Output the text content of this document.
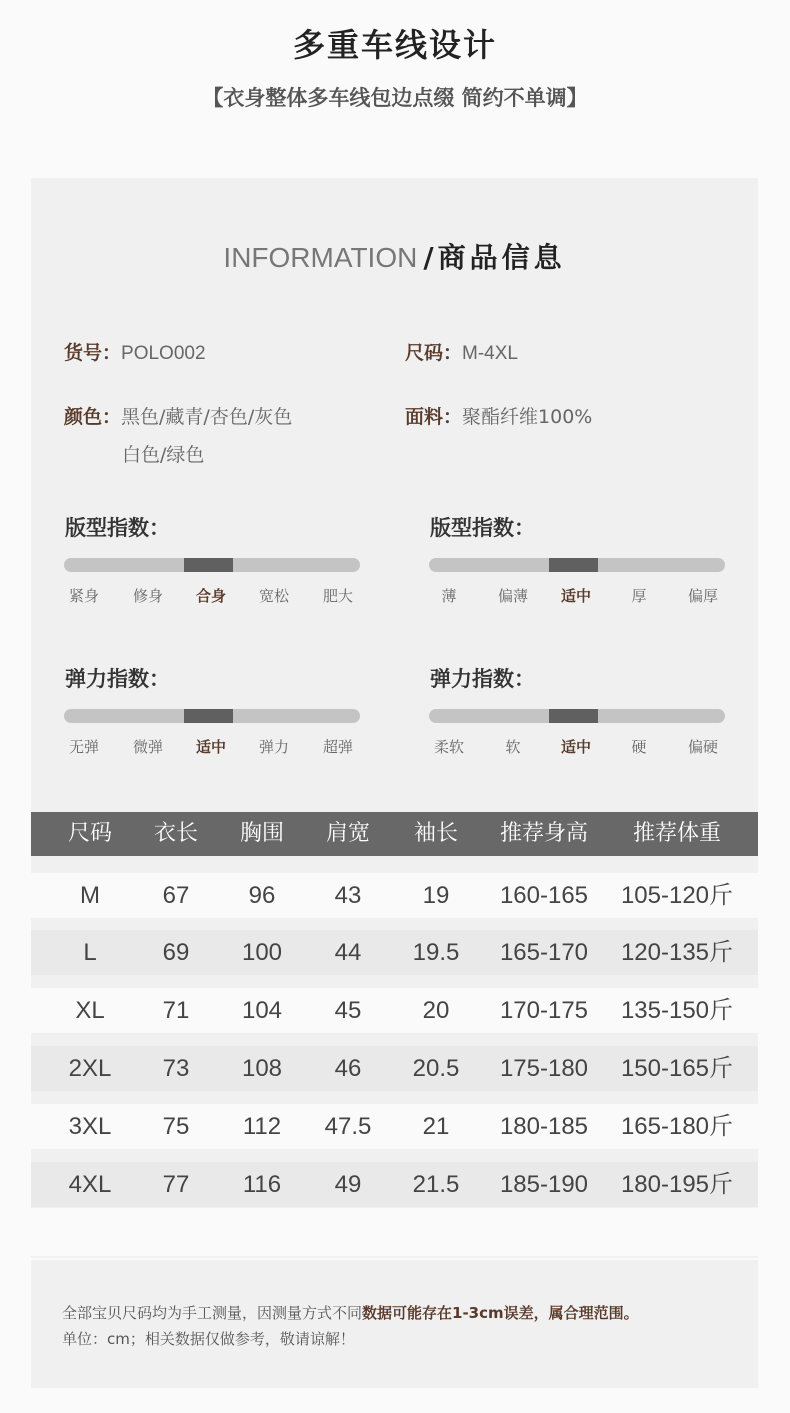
多重车线设计
【衣身整体多车线包边点缀 简约不单调】
INFORMATION /商品信息
货号：POLO002	尺码：M-4XL
颜色：黑色/藏青/杏色/灰色
白色/绿色
面料：聚酯纤维100%
版型指数：
紧身 修身 合身 宽松 肥大
版型指数：
薄	偏薄 适中	厚	偏厚
弹力指数：
无弹 微弹 适中 弹力 超弹
弹力指数：
柔软	软	适中	硬	偏硬
尺码	衣长	胸围	肩宽	袖长	推荐身高	推荐体重
M	67	96	43	19	160-165	105-120斤
L	69	100	44	19.5	165-170	120-135斤
XL	71	104	45	20	170-175	135-150斤
2XL	73	108	46	20.5	175-180	150-165斤
3XL	75	112	47.5	21	180-185	165-180斤
4XL	77	116	49	21.5	185-190	180-195斤
全部宝贝尺码均为手工测量，因测量方式不同数据可能存在1-3cm误差，属合理范围。
单位：cm；相关数据仅做参考，敬请谅解！
